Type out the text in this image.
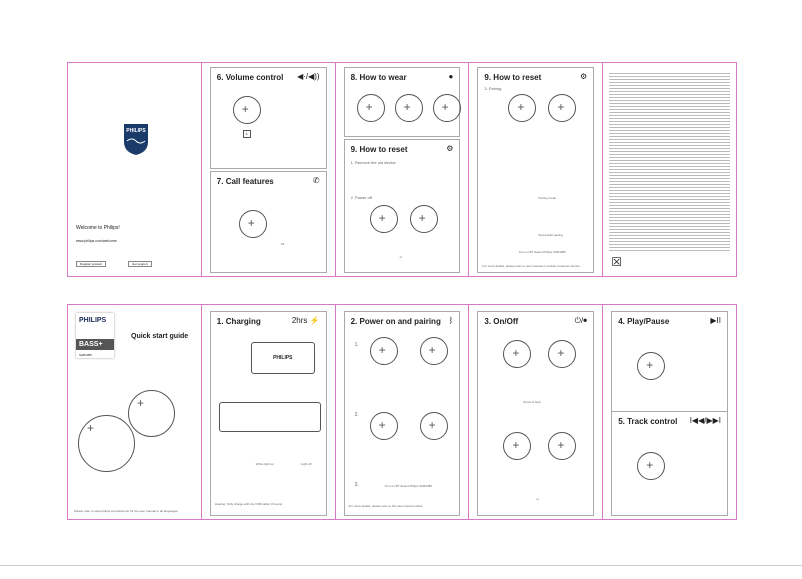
PHILIPS
Welcome to Philips!
www.philips.com/welcome
Register product	Get support
6. Volume control ◀·/◀))
+
L
7. Call features	✆
+
03
8. How to wear	●
+
+
+
9. How to reset	⚙
1. Remove the old device
2. Power off
+
+
or
9. How to reset	⚙
3. Pairing
+
+
Pairing mode
Successful pairing
Turn on BT Select Philips SHB4385
For more details, please refer to user manual or contact customer service.	☒
PHILIPS
BASS+
SHB4385
Quick start guide
+
+
Please refer to www.philips.com/welcome for the user manual in all languages.
1. Charging	2hrs ⚡
PHILIPS
White light on	Light off
Heating: Fully charge with the USB cable (3 hours).
2. Power on and pairing ᛒ
1.
+
+
2.
+
+
3.	Turn on BT Select Philips SHB4385
For more details, please refer to the user manual online.
3. On/Off	⏻/⏺
+
+
Press & hold
+
+
or
4. Play/Pause	▶II
+
5. Track control I◀◀/▶▶I
+
